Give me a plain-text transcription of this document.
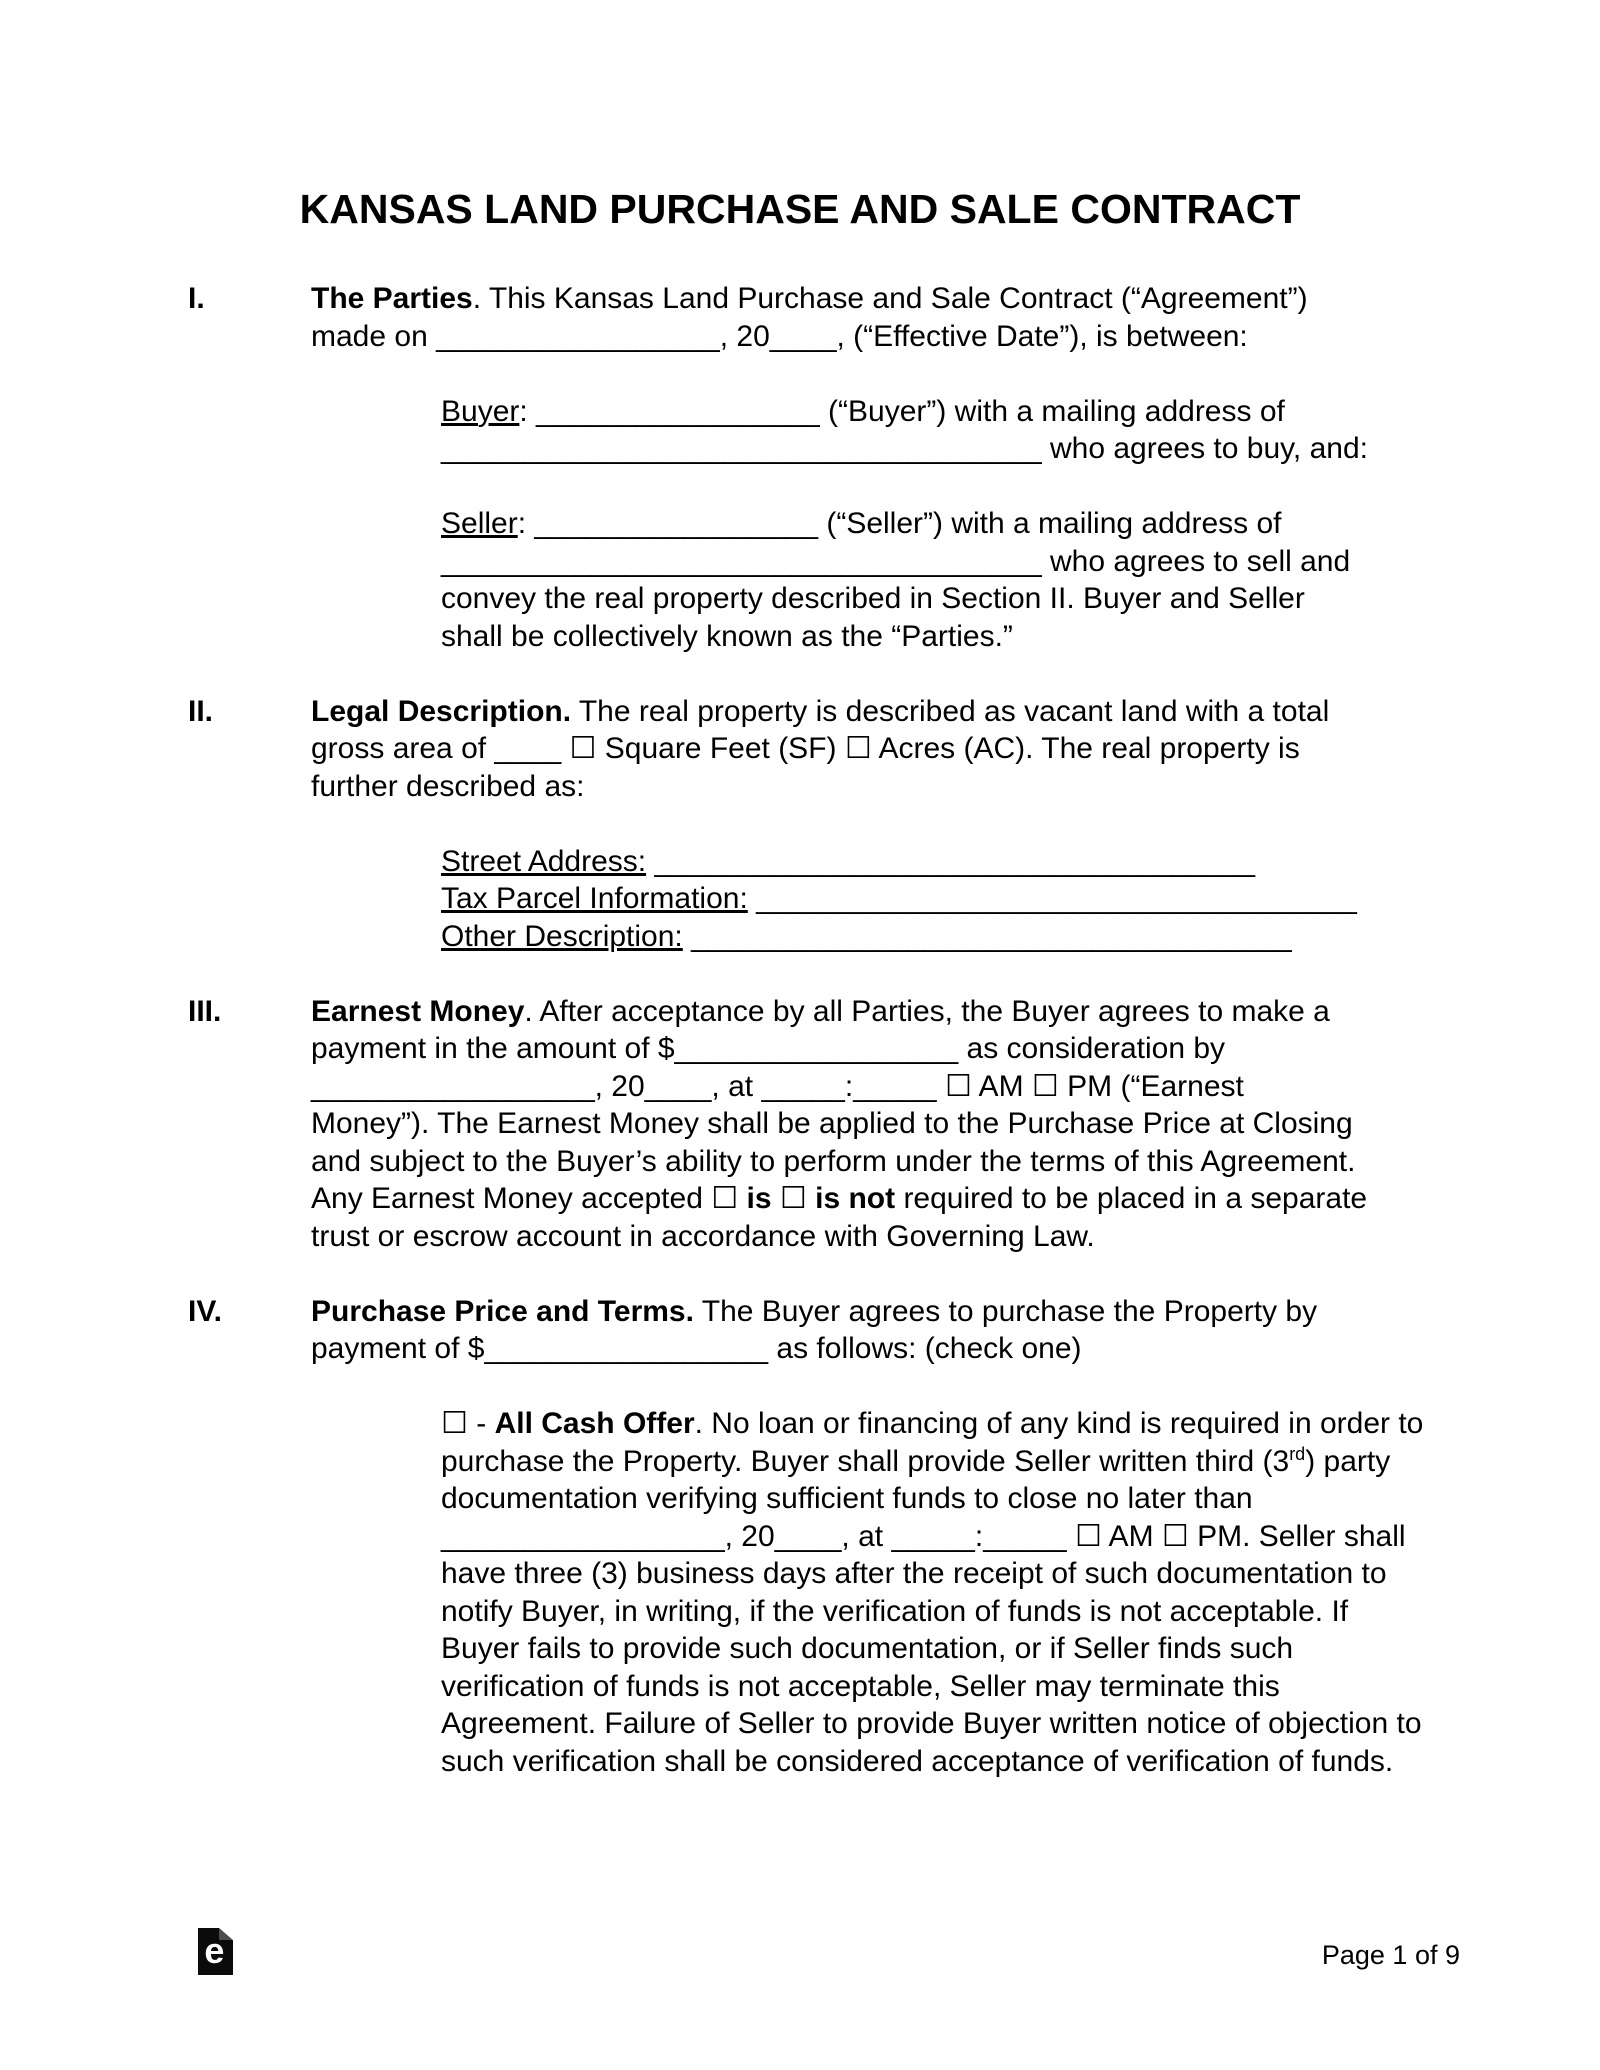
KANSAS LAND PURCHASE AND SALE CONTRACT
I.	The Parties. This Kansas Land Purchase and Sale Contract (“Agreement”)
made on _________________, 20____, (“Effective Date”), is between:
Buyer: _________________ (“Buyer”) with a mailing address of
____________________________________ who agrees to buy, and:
Seller: _________________ (“Seller”) with a mailing address of
____________________________________ who agrees to sell and
convey the real property described in Section II. Buyer and Seller
shall be collectively known as the “Parties.”
II.	Legal Description. The real property is described as vacant land with a total
gross area of ____ ☐ Square Feet (SF) ☐ Acres (AC). The real property is
further described as:
Street Address: ____________________________________
Tax Parcel Information: ____________________________________
Other Description: ____________________________________
III.	Earnest Money. After acceptance by all Parties, the Buyer agrees to make a
payment in the amount of $_________________ as consideration by
_________________, 20____, at _____:_____ ☐ AM ☐ PM (“Earnest
Money”). The Earnest Money shall be applied to the Purchase Price at Closing
and subject to the Buyer’s ability to perform under the terms of this Agreement.
Any Earnest Money accepted ☐ is ☐ is not required to be placed in a separate
trust or escrow account in accordance with Governing Law.
IV.	Purchase Price and Terms. The Buyer agrees to purchase the Property by
payment of $_________________ as follows: (check one)
☐ - All Cash Offer. No loan or financing of any kind is required in order to
purchase the Property. Buyer shall provide Seller written third (3rd) party
documentation verifying sufficient funds to close no later than
_________________, 20____, at _____:_____ ☐ AM ☐ PM. Seller shall
have three (3) business days after the receipt of such documentation to
notify Buyer, in writing, if the verification of funds is not acceptable. If
Buyer fails to provide such documentation, or if Seller finds such
verification of funds is not acceptable, Seller may terminate this
Agreement. Failure of Seller to provide Buyer written notice of objection to
such verification shall be considered acceptance of verification of funds.
e	Page 1 of 9
